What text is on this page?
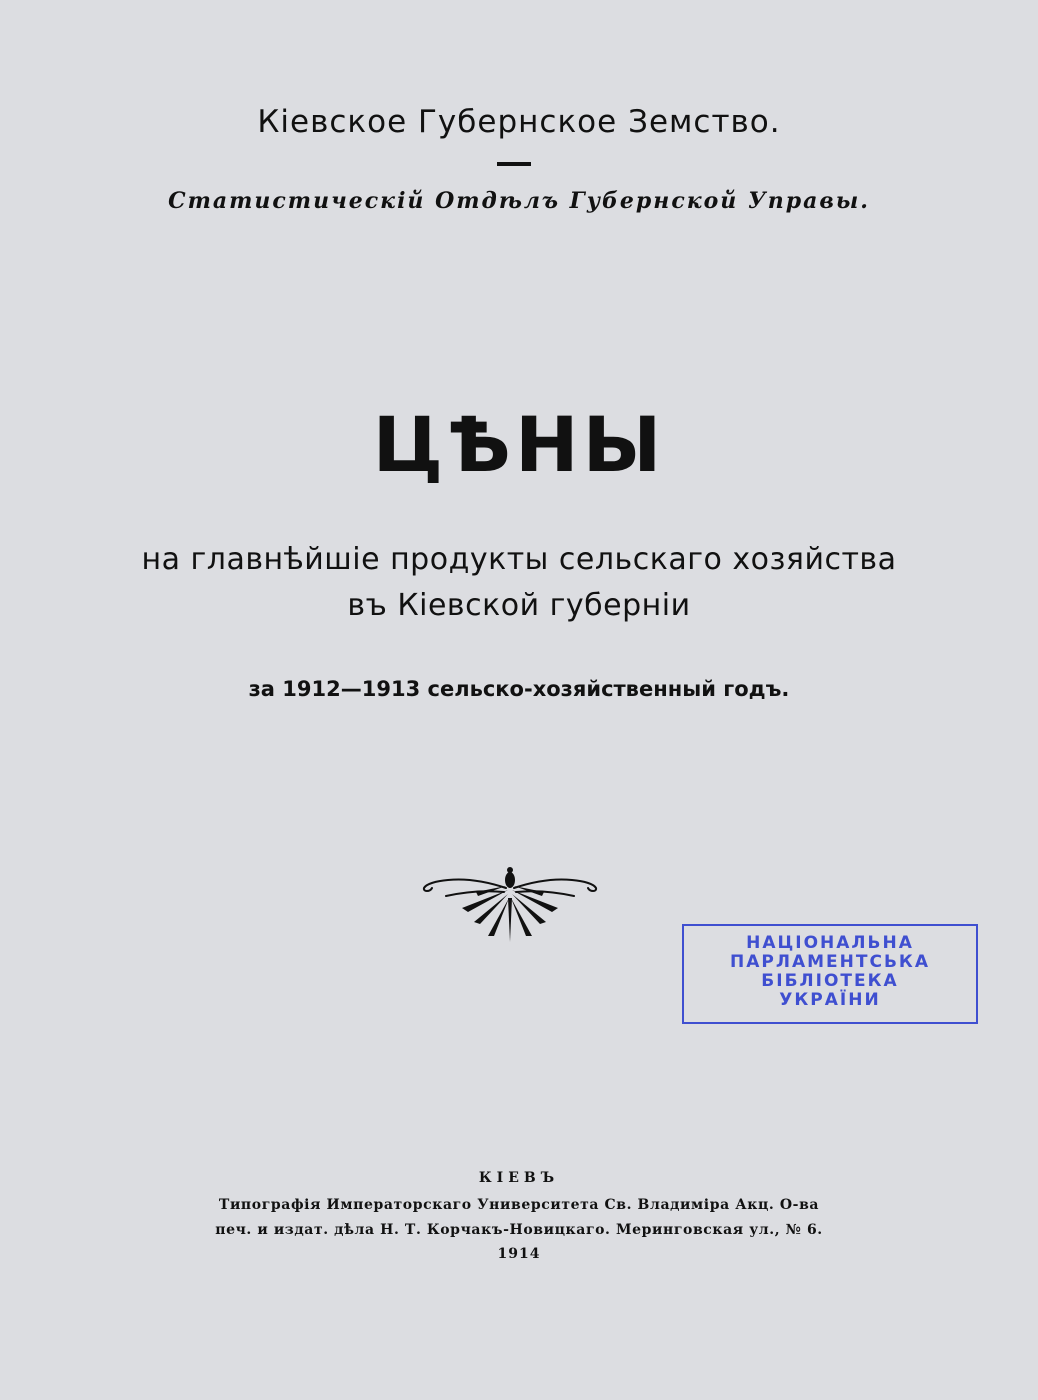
Кіевское Губернское Земство.
Статистическій Отдѣлъ Губернской Управы.
ЦѢНЫ
на главнѣйшіе продукты сельскаго хозяйства
въ Кіевской губерніи
за 1912—1913 сельско-хозяйственный годъ.
НАЦІОНАЛЬНА
ПАРЛАМЕНТСЬКА
БІБЛІОТЕКА
УКРАЇНИ
КІЕВЪ
Типографія Императорскаго Университета Св. Владиміра Акц. О-ва
печ. и издат. дѣла Н. Т. Корчакъ-Новицкаго. Меринговская ул., № 6.
1914
